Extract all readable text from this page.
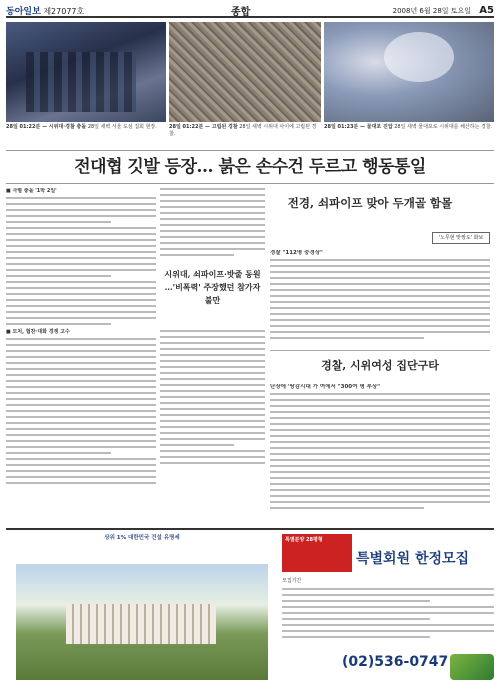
동아일보 제27077호	종합	2008년 6월 28일 토요일 A5
28일 01:22분 — 시위대·경찰 충돌 28일 새벽 서울 도심 집회 현장.	28일 01:22분 — 고립된 경찰 28일 새벽 시위대 사이에 고립된 경찰.
28일 01:23분 — 물대포 진압 28일 새벽 물대포로 시위대를 해산하는 경찰.
전대협 깃발 등장… 붉은 손수건 두르고 행동통일
■ 극렬 충돌 '1박 2일'
■ 모처, 협찬·대화 경쟁 고수
시위대, 쇠파이프·밧줄 동원 …'비폭력' 주장했던 참가자 불만
전경, 쇠파이프 맞아 두개골 함몰
'노무현 맞짱도' 화보
경찰 "112명 중경상"
경찰, 시위여성 집단구타
단장에 '땅감시대 가 여에서 "300여 명 부상"
상위 1% 대한민국 건설 유명세	특별분양 28평형
특별회원 한정모집
모집기간
(02)536-0747
